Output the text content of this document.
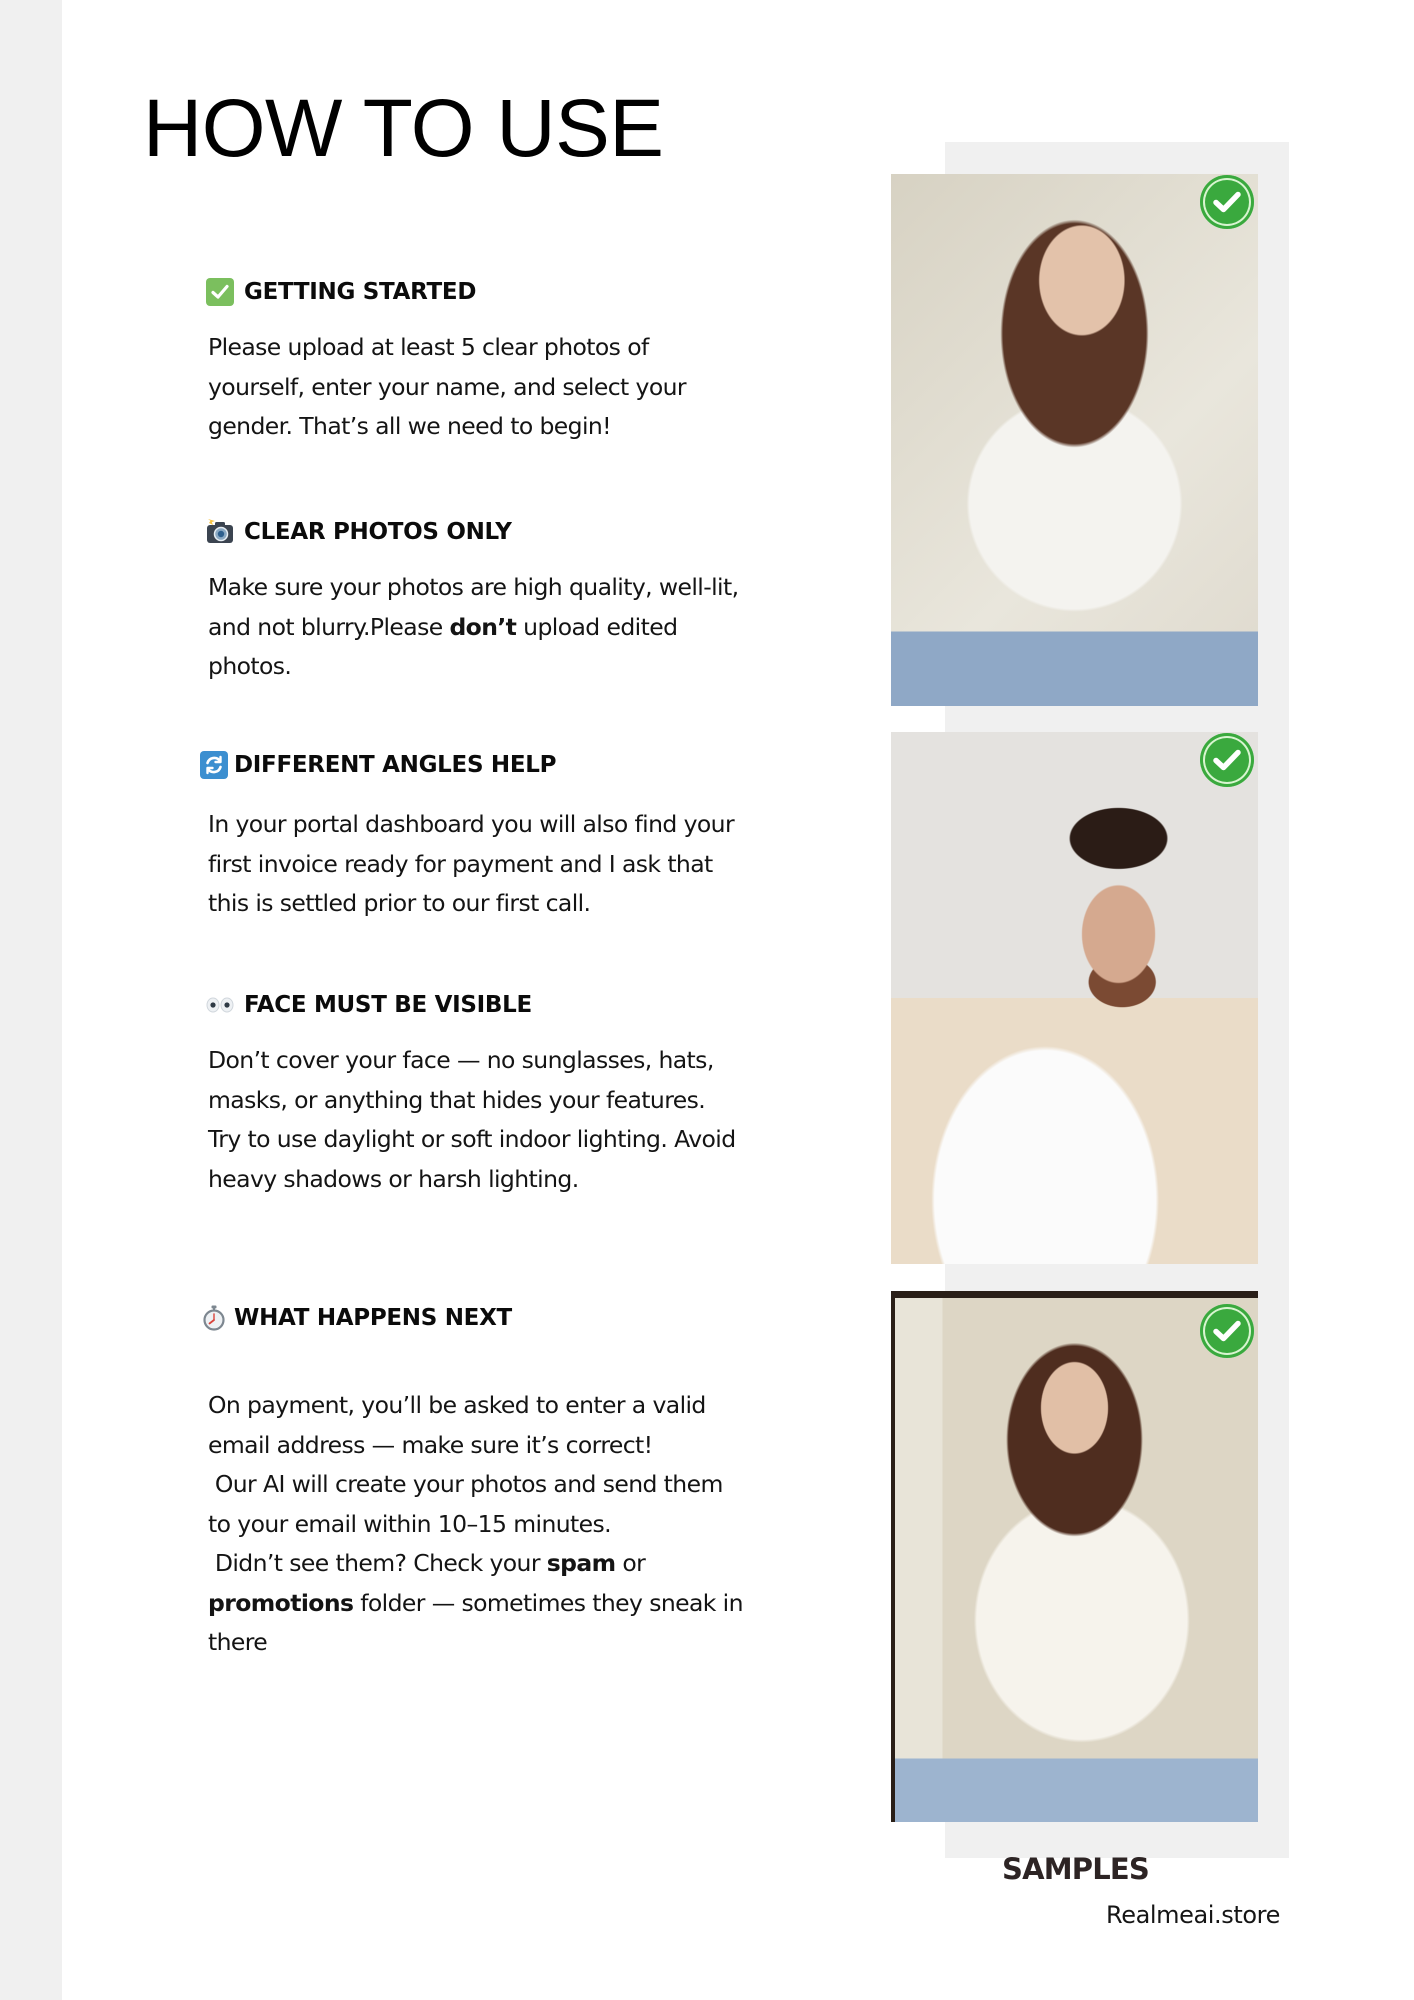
HOW TO USE
GETTING STARTED
Please upload at least 5 clear photos of
yourself, enter your name, and select your
gender. That’s all we need to begin!
CLEAR PHOTOS ONLY
Make sure your photos are high quality, well-lit,
and not blurry.Please don’t upload edited
photos.
DIFFERENT ANGLES HELP
In your portal dashboard you will also find your
first invoice ready for payment and I ask that
this is settled prior to our first call.
FACE MUST BE VISIBLE
Don’t cover your face — no sunglasses, hats,
masks, or anything that hides your features.
Try to use daylight or soft indoor lighting. Avoid
heavy shadows or harsh lighting.
WHAT HAPPENS NEXT
On payment, you’ll be asked to enter a valid
email address — make sure it’s correct!
Our AI will create your photos and send them
to your email within 10–15 minutes.
Didn’t see them? Check your spam or
promotions folder — sometimes they sneak in
there
SAMPLES
Realmeai.store
